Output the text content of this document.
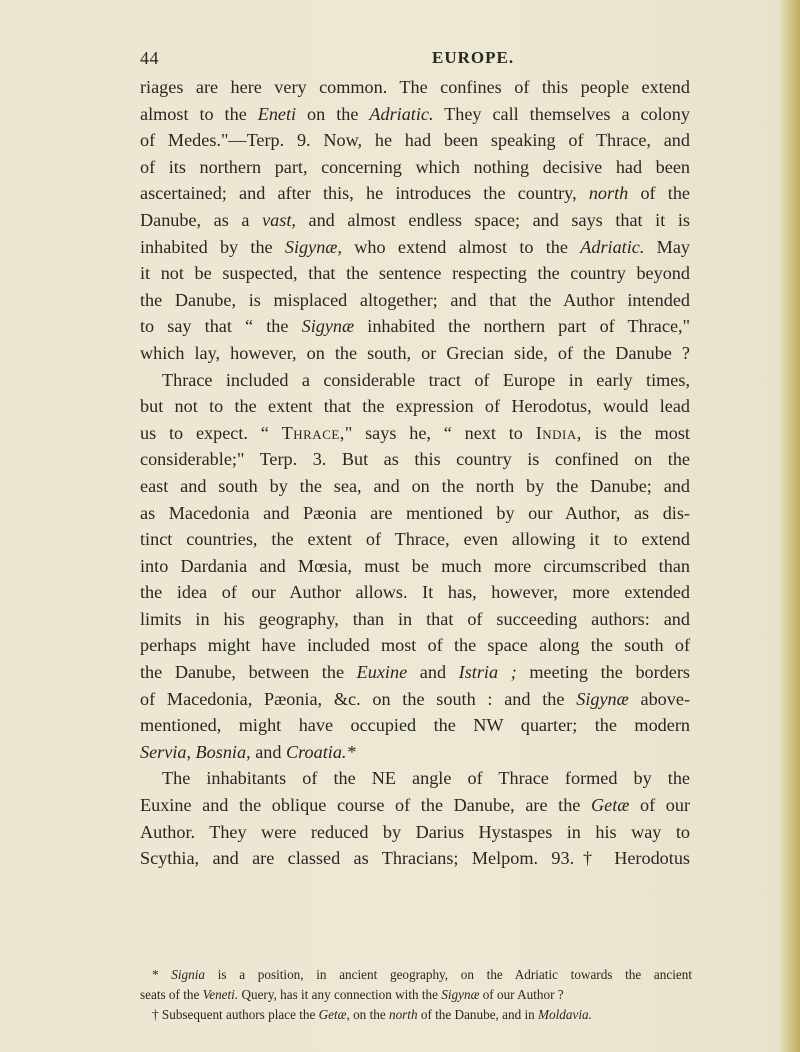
44	EUROPE.
riages are here very common. The confines of this people extend
almost to the Eneti on the Adriatic. They call themselves a colony
of Medes."—Terp. 9. Now, he had been speaking of Thrace, and
of its northern part, concerning which nothing decisive had been
ascertained; and after this, he introduces the country, north of the
Danube, as a vast, and almost endless space; and says that it is
inhabited by the Sigynæ, who extend almost to the Adriatic. May
it not be suspected, that the sentence respecting the country beyond
the Danube, is misplaced altogether; and that the Author intended
to say that “ the Sigynæ inhabited the northern part of Thrace,"
which lay, however, on the south, or Grecian side, of the Danube ?
Thrace included a considerable tract of Europe in early times,
but not to the extent that the expression of Herodotus, would lead
us to expect. “ Thrace," says he, “ next to India, is the most
considerable;" Terp. 3. But as this country is confined on the
east and south by the sea, and on the north by the Danube; and
as Macedonia and Pæonia are mentioned by our Author, as dis-
tinct countries, the extent of Thrace, even allowing it to extend
into Dardania and Mœsia, must be much more circumscribed than
the idea of our Author allows. It has, however, more extended
limits in his geography, than in that of succeeding authors: and
perhaps might have included most of the space along the south of
the Danube, between the Euxine and Istria ; meeting the borders
of Macedonia, Pæonia, &c. on the south : and the Sigynæ above-
mentioned, might have occupied the NW quarter; the modern
Servia, Bosnia, and Croatia.*
The inhabitants of the NE angle of Thrace formed by the
Euxine and the oblique course of the Danube, are the Getæ of our
Author. They were reduced by Darius Hystaspes in his way to
Scythia, and are classed as Thracians; Melpom. 93.† Herodotus
* Signia is a position, in ancient geography, on the Adriatic towards the ancient
seats of the Veneti. Query, has it any connection with the Sigynæ of our Author ?
† Subsequent authors place the Getæ, on the north of the Danube, and in Moldavia.
